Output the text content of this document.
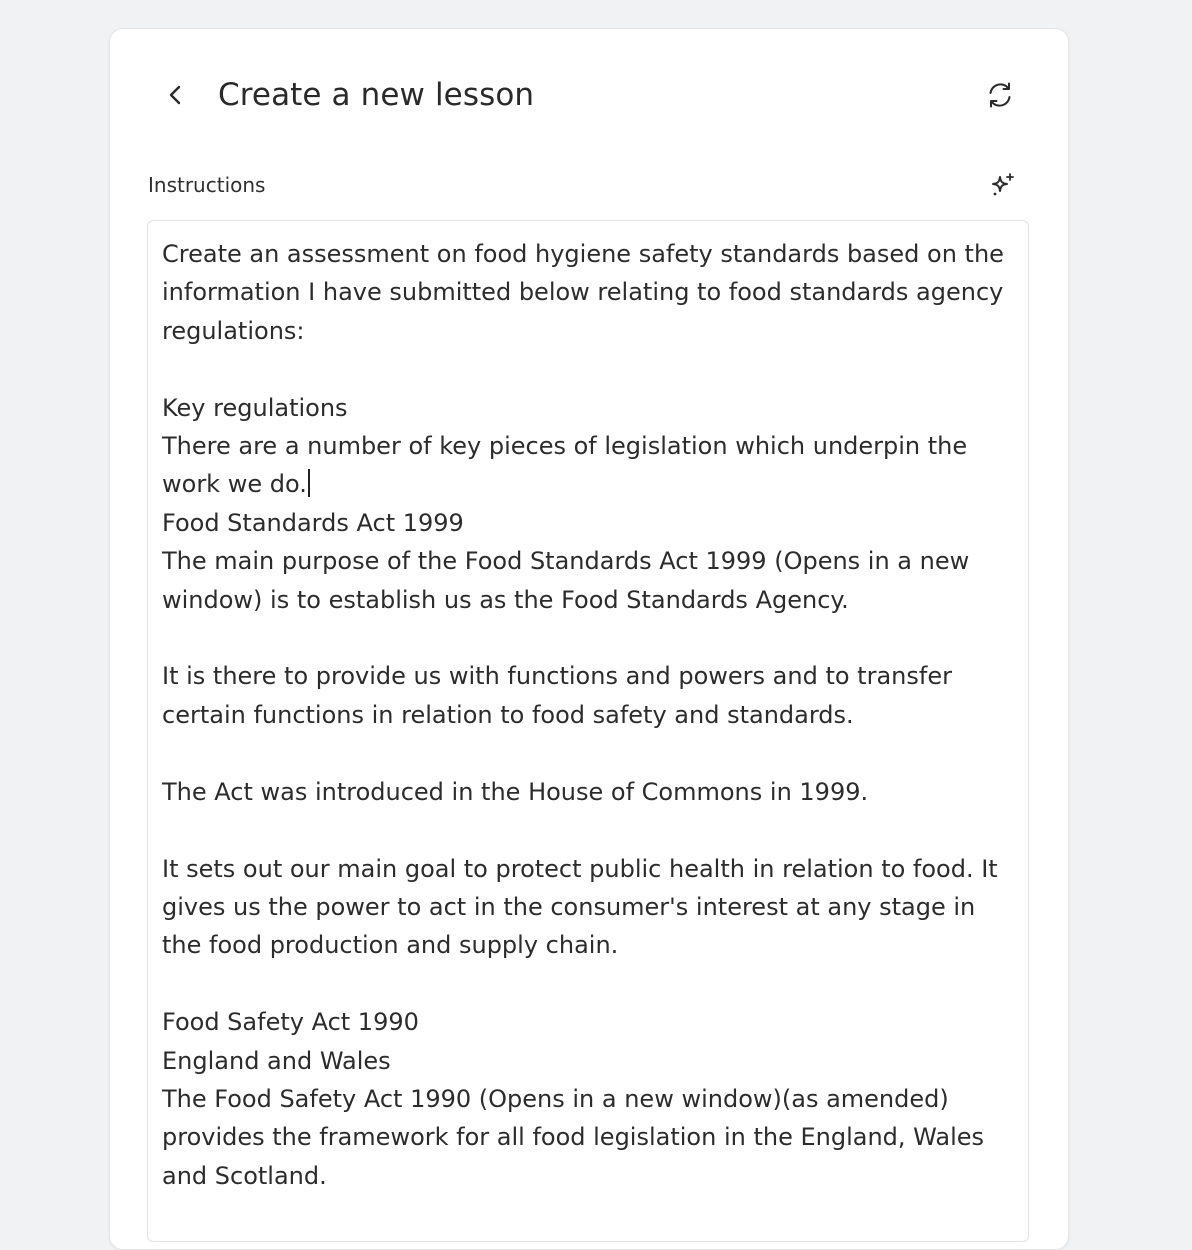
Create a new lesson
Instructions
Create an assessment on food hygiene safety standards based on the information I have submitted below relating to food standards agency regulations:

Key regulations
There are a number of key pieces of legislation which underpin the work we do.
Food Standards Act 1999
The main purpose of the Food Standards Act 1999 (Opens in a new window) is to establish us as the Food Standards Agency.

It is there to provide us with functions and powers and to transfer certain functions in relation to food safety and standards.

The Act was introduced in the House of Commons in 1999.

It sets out our main goal to protect public health in relation to food. It gives us the power to act in the consumer's interest at any stage in the food production and supply chain.

Food Safety Act 1990
England and Wales
The Food Safety Act 1990 (Opens in a new window)(as amended) provides the framework for all food legislation in the England, Wales and Scotland.
